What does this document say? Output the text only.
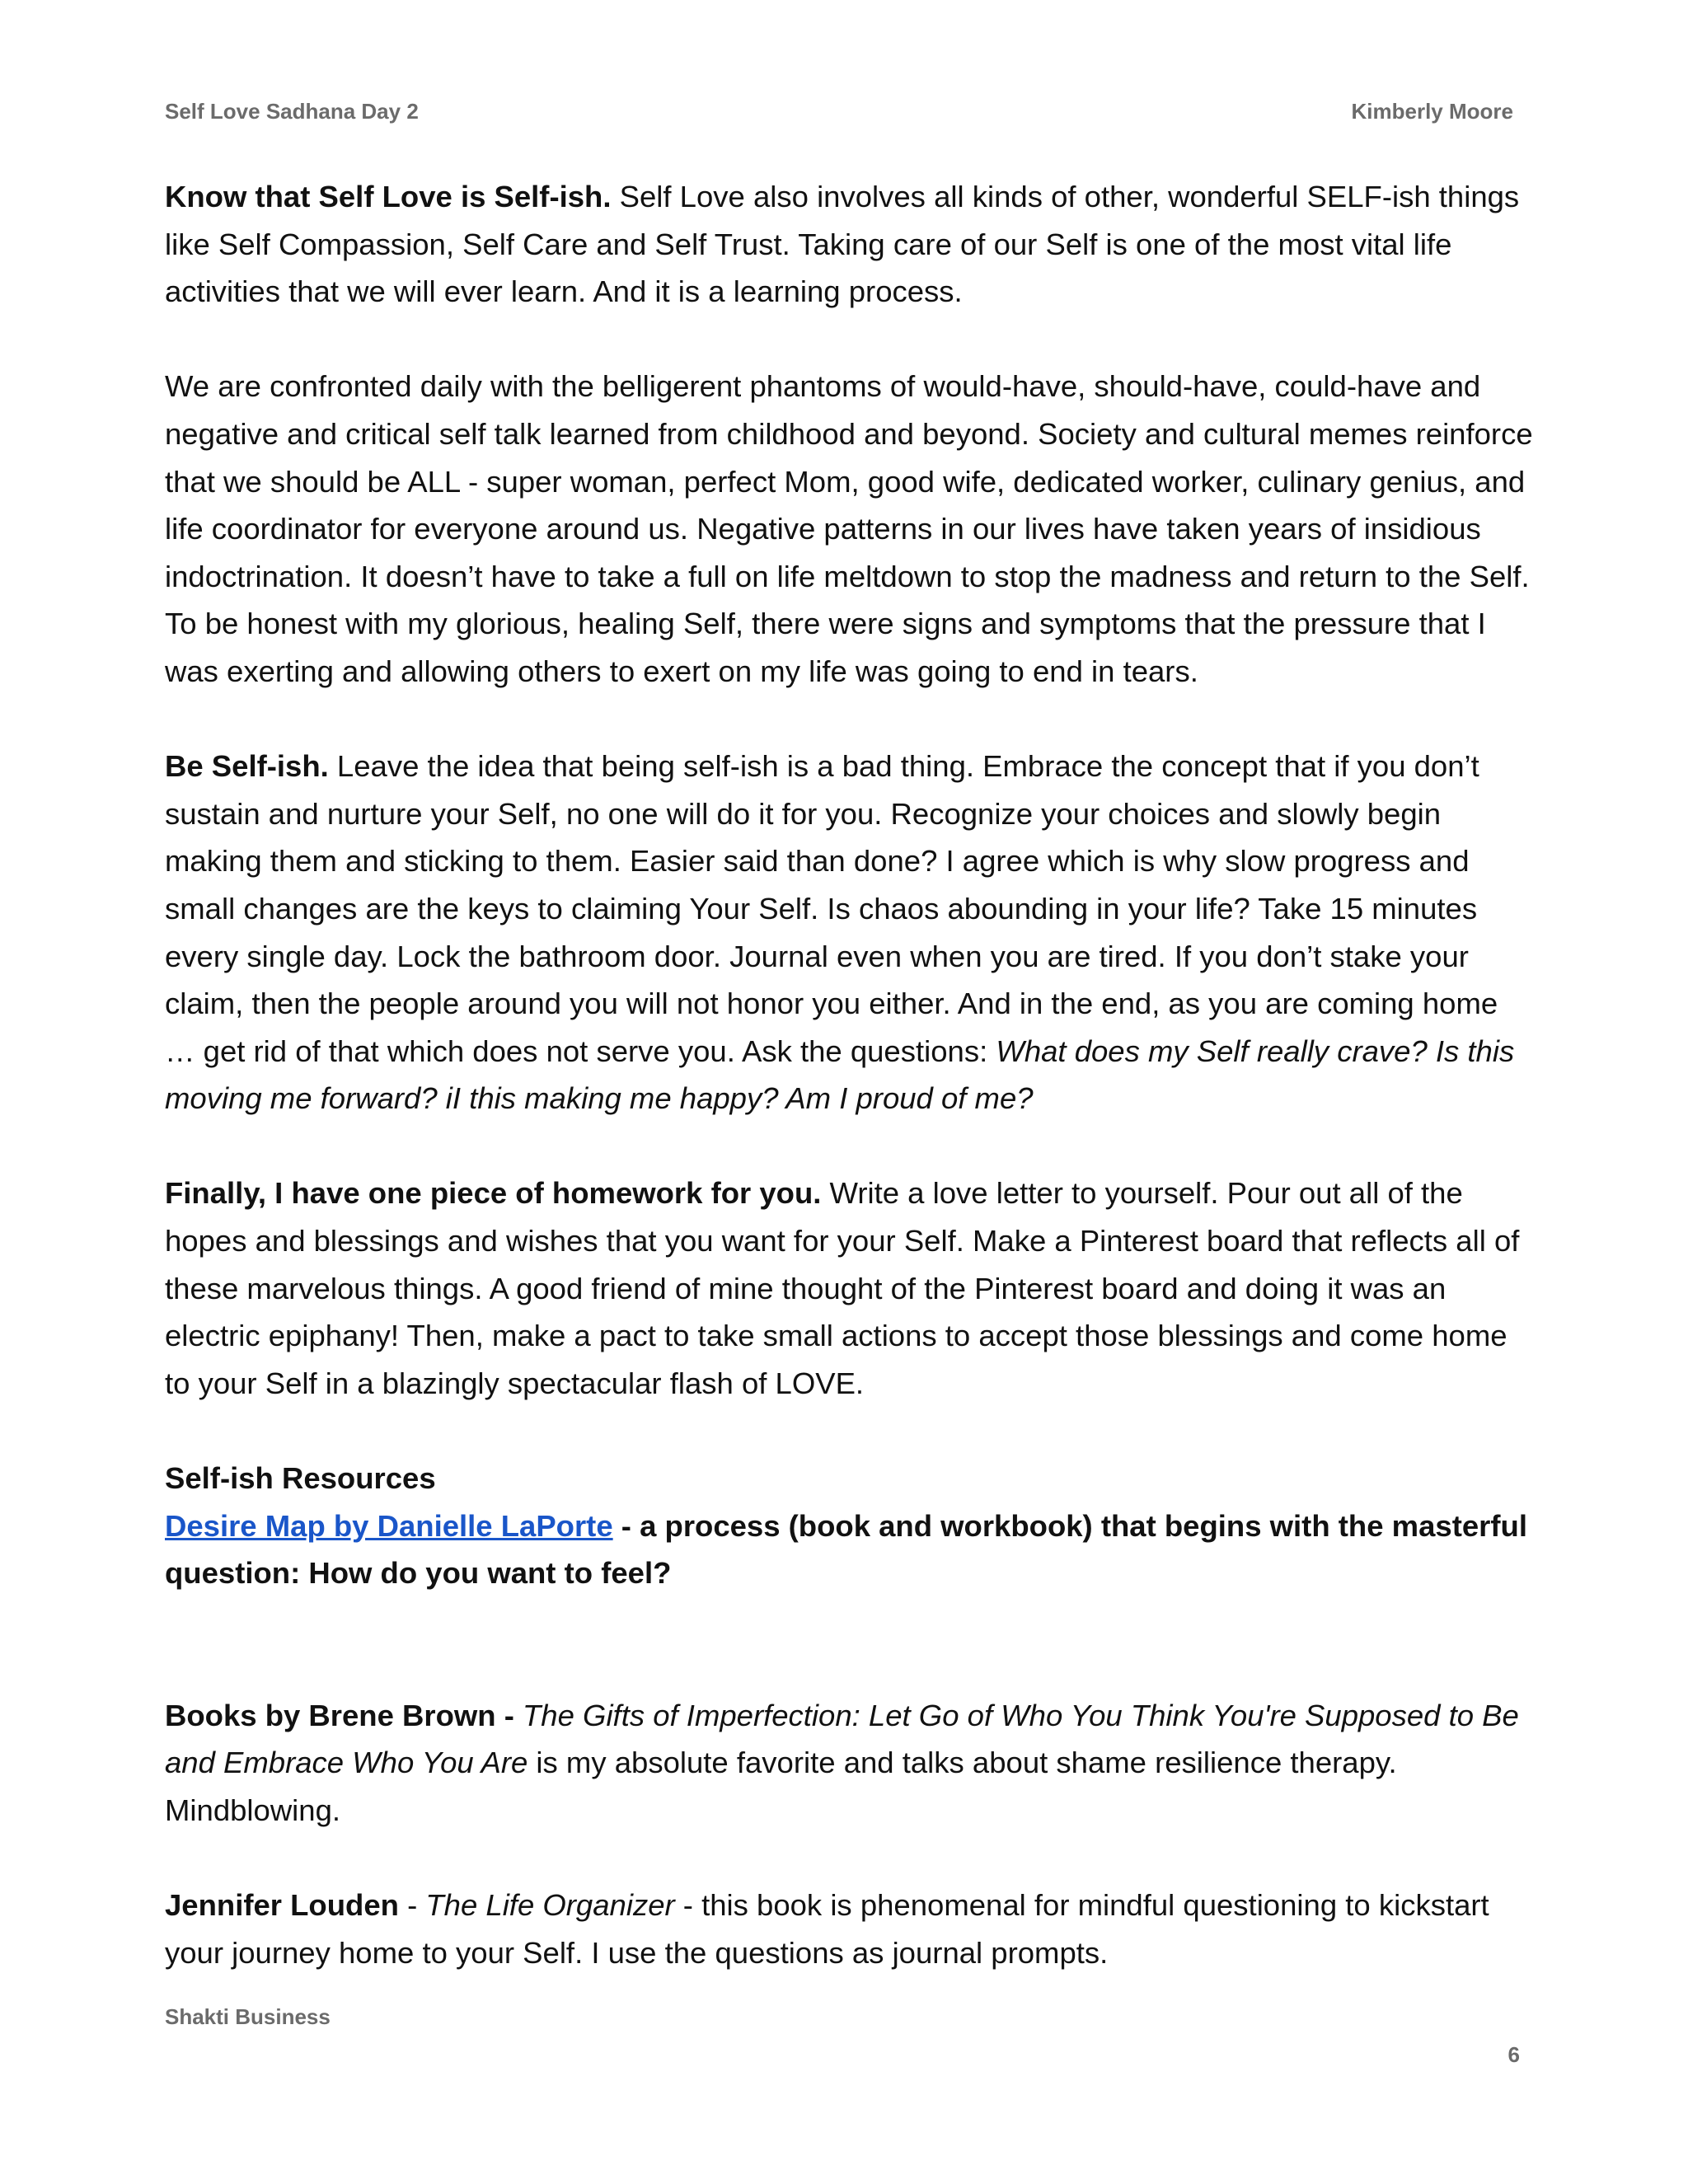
Self Love Sadhana Day 2	Kimberly Moore

Know that Self Love is Self-ish. Self Love also involves all kinds of other, wonderful SELF-ish things like Self Compassion, Self Care and Self Trust. Taking care of our Self is one of the most vital life activities that we will ever learn. And it is a learning process.

We are confronted daily with the belligerent phantoms of would-have, should-have, could-have and negative and critical self talk learned from childhood and beyond. Society and cultural memes reinforce that we should be ALL - super woman, perfect Mom, good wife, dedicated worker, culinary genius, and life coordinator for everyone around us. Negative patterns in our lives have taken years of insidious indoctrination. It doesn’t have to take a full on life meltdown to stop the madness and return to the Self. To be honest with my glorious, healing Self, there were signs and symptoms that the pressure that I was exerting and allowing others to exert on my life was going to end in tears.

Be Self-ish. Leave the idea that being self-ish is a bad thing. Embrace the concept that if you don’t sustain and nurture your Self, no one will do it for you. Recognize your choices and slowly begin making them and sticking to them. Easier said than done? I agree which is why slow progress and small changes are the keys to claiming Your Self. Is chaos abounding in your life? Take 15 minutes every single day. Lock the bathroom door. Journal even when you are tired. If you don’t stake your claim, then the people around you will not honor you either. And in the end, as you are coming home … get rid of that which does not serve you. Ask the questions: What does my Self really crave? Is this moving me forward? iI this making me happy? Am I proud of me?

Finally, I have one piece of homework for you. Write a love letter to yourself. Pour out all of the hopes and blessings and wishes that you want for your Self. Make a Pinterest board that reflects all of these marvelous things. A good friend of mine thought of the Pinterest board and doing it was an electric epiphany! Then, make a pact to take small actions to accept those blessings and come home to your Self in a blazingly spectacular flash of LOVE.

Self-ish Resources

Desire Map by Danielle LaPorte - a process (book and workbook) that begins with the masterful question: How do you want to feel?

Books by Brene Brown - The Gifts of Imperfection: Let Go of Who You Think You're Supposed to Be and Embrace Who You Are is my absolute favorite and talks about shame resilience therapy. Mindblowing.

Jennifer Louden - The Life Organizer - this book is phenomenal for mindful questioning to kickstart your journey home to your Self. I use the questions as journal prompts.

Shakti Business
6
